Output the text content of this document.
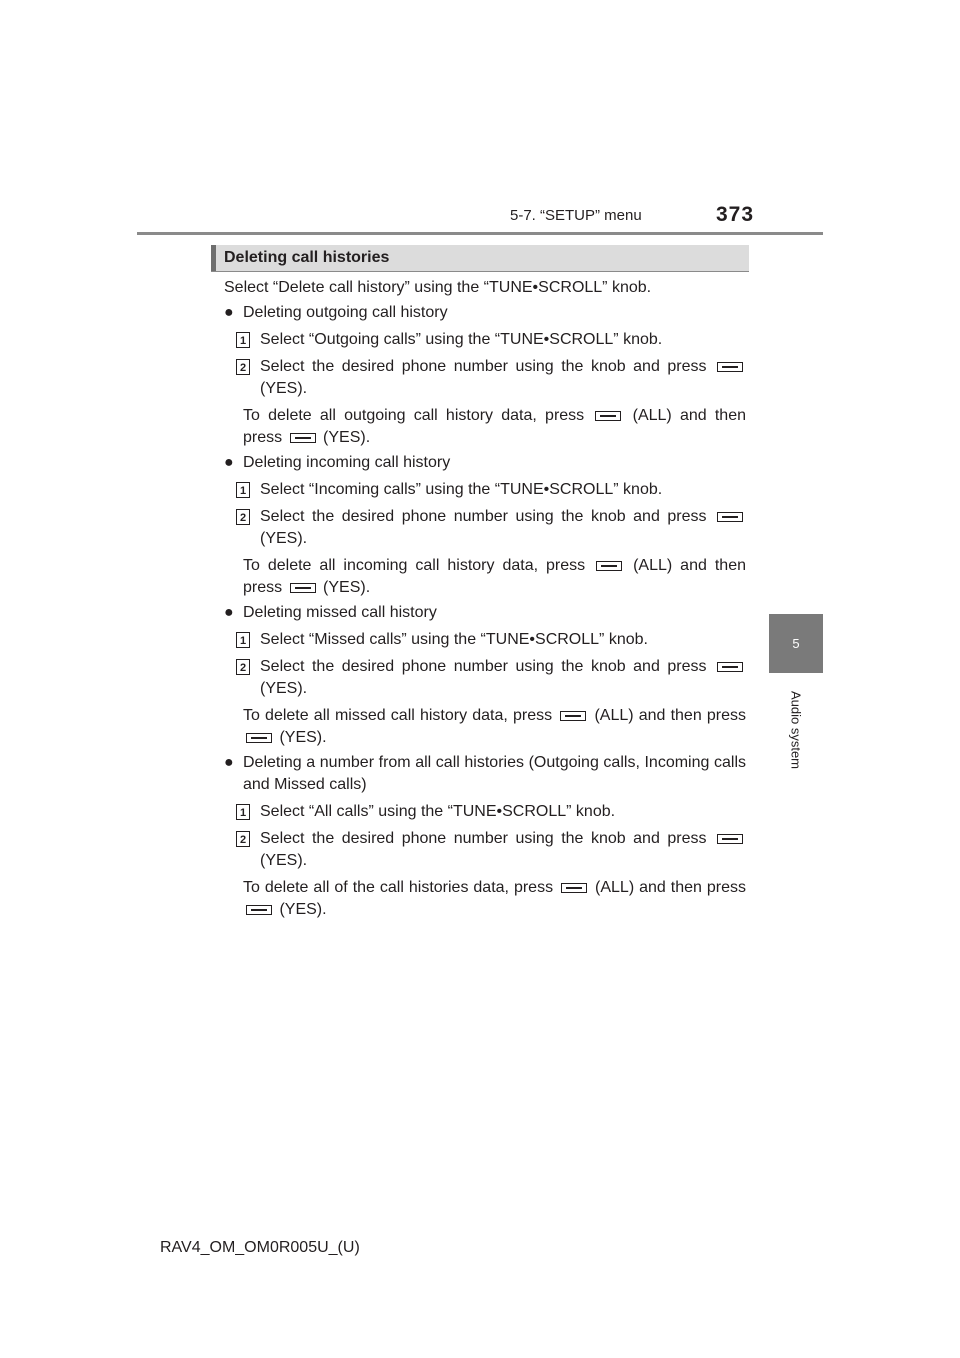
5-7. “SETUP” menu	373
5
Audio system
Deleting call histories

Select “Delete call history” using the “TUNE•SCROLL” knob.

● Deleting outgoing call history

1 Select “Outgoing calls” using the “TUNE•SCROLL” knob.

2 Select the desired phone number using the knob and press  (YES).

To delete all outgoing call history data, press	(ALL) and then press	(YES).

● Deleting incoming call history

1 Select “Incoming calls” using the “TUNE•SCROLL” knob.

2 Select the desired phone number using the knob and press  (YES).

To delete all incoming call history data, press	(ALL) and then press	(YES).

● Deleting missed call history

1 Select “Missed calls” using the “TUNE•SCROLL” knob.

2 Select the desired phone number using the knob and press  (YES).

To delete all missed call history data, press	(ALL) and then press  (YES).

● Deleting a number from all call histories (Outgoing calls, Incoming calls and Missed calls)

1 Select “All calls” using the “TUNE•SCROLL” knob.

2 Select the desired phone number using the knob and press  (YES).

To delete all of the call histories data, press	(ALL) and then press  (YES).

RAV4_OM_OM0R005U_(U)
